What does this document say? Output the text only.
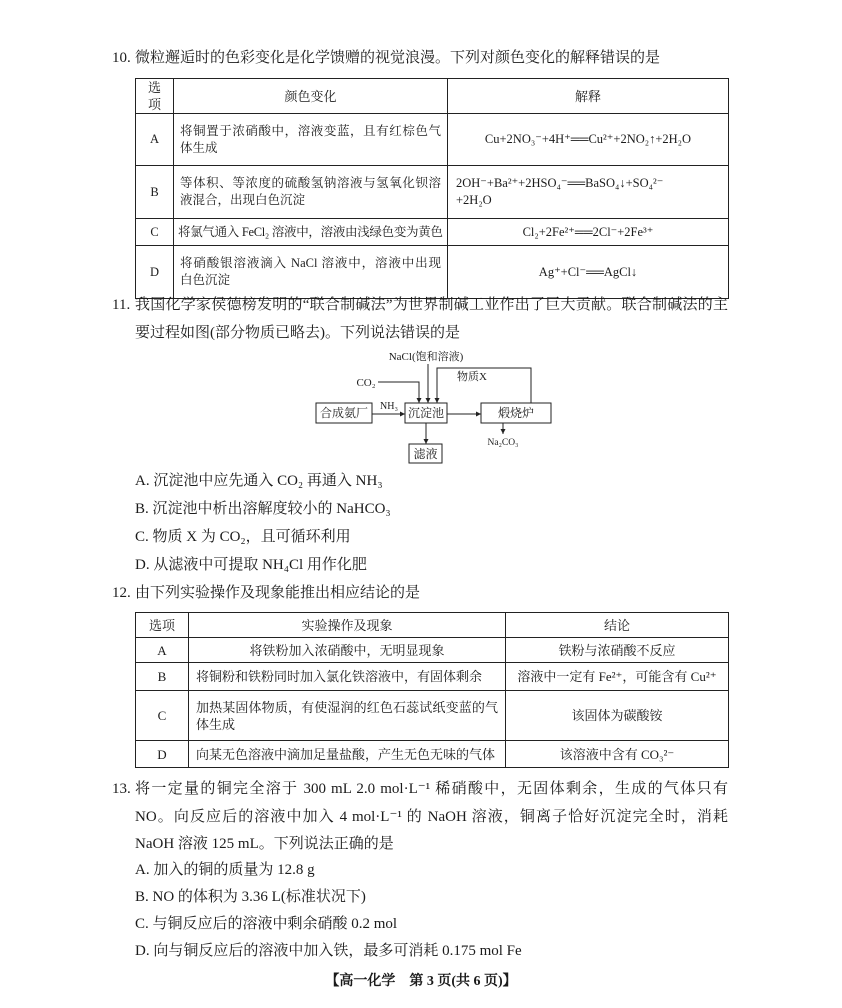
10. 微粒邂逅时的色彩变化是化学馈赠的视觉浪漫。下列对颜色变化的解释错误的是
选项	颜色变化	解释
A	将铜置于浓硝酸中，溶液变蓝，且有红棕色气
体生成	Cu+2NO₃⁻+4H⁺══Cu²⁺+2NO₂↑+2H₂O

B	等体积、等浓度的硫酸氢钠溶液与氢氧化钡溶
液混合，出现白色沉淀	2OH⁻+Ba²⁺+2HSO₄⁻══BaSO₄↓+SO₄²⁻
+2H₂O

C	将氯气通入 FeCl₂ 溶液中，溶液由浅绿色变为黄色	Cl₂+2Fe²⁺══2Cl⁻+2Fe³⁺

D	将硝酸银溶液滴入 NaCl 溶液中，溶液中出现
白色沉淀	Ag⁺+Cl⁻══AgCl↓
11. 我国化学家侯德榜发明的“联合制碱法”为世界制碱工业作出了巨大贡献。联合制碱法的主
要过程如图(部分物质已略去)。下列说法错误的是
NaCl(饱和溶液)
CO₂	物质X
NH₃
Na₂CO₃
合成氨厂	沉淀池	煅烧炉
滤液
A. 沉淀池中应先通入 CO₂ 再通入 NH₃
B. 沉淀池中析出溶解度较小的 NaHCO₃
C. 物质 X 为 CO₂，且可循环利用
D. 从滤液中可提取 NH₄Cl 用作化肥
12. 由下列实验操作及现象能推出相应结论的是
选项	实验操作及现象	结论
A	将铁粉加入浓硝酸中，无明显现象	铁粉与浓硝酸不反应

B	将铜粉和铁粉同时加入氯化铁溶液中，有固体剩余	溶液中一定有 Fe²⁺，可能含有 Cu²⁺

C	加热某固体物质，有使湿润的红色石蕊试纸变蓝的气
体生成	该固体为碳酸铵

D	向某无色溶液中滴加足量盐酸，产生无色无味的气体	该溶液中含有 CO₃²⁻
13. 将一定量的铜完全溶于 300 mL 2.0 mol·L⁻¹ 稀硝酸中，无固体剩余，生成的气体只有
NO。向反应后的溶液中加入 4 mol·L⁻¹ 的 NaOH 溶液，铜离子恰好沉淀完全时，消耗
NaOH 溶液 125 mL。下列说法正确的是
A. 加入的铜的质量为 12.8 g
B. NO 的体积为 3.36 L(标准状况下)
C. 与铜反应后的溶液中剩余硝酸 0.2 mol
D. 向与铜反应后的溶液中加入铁，最多可消耗 0.175 mol Fe
【高一化学　第 3 页(共 6 页)】
